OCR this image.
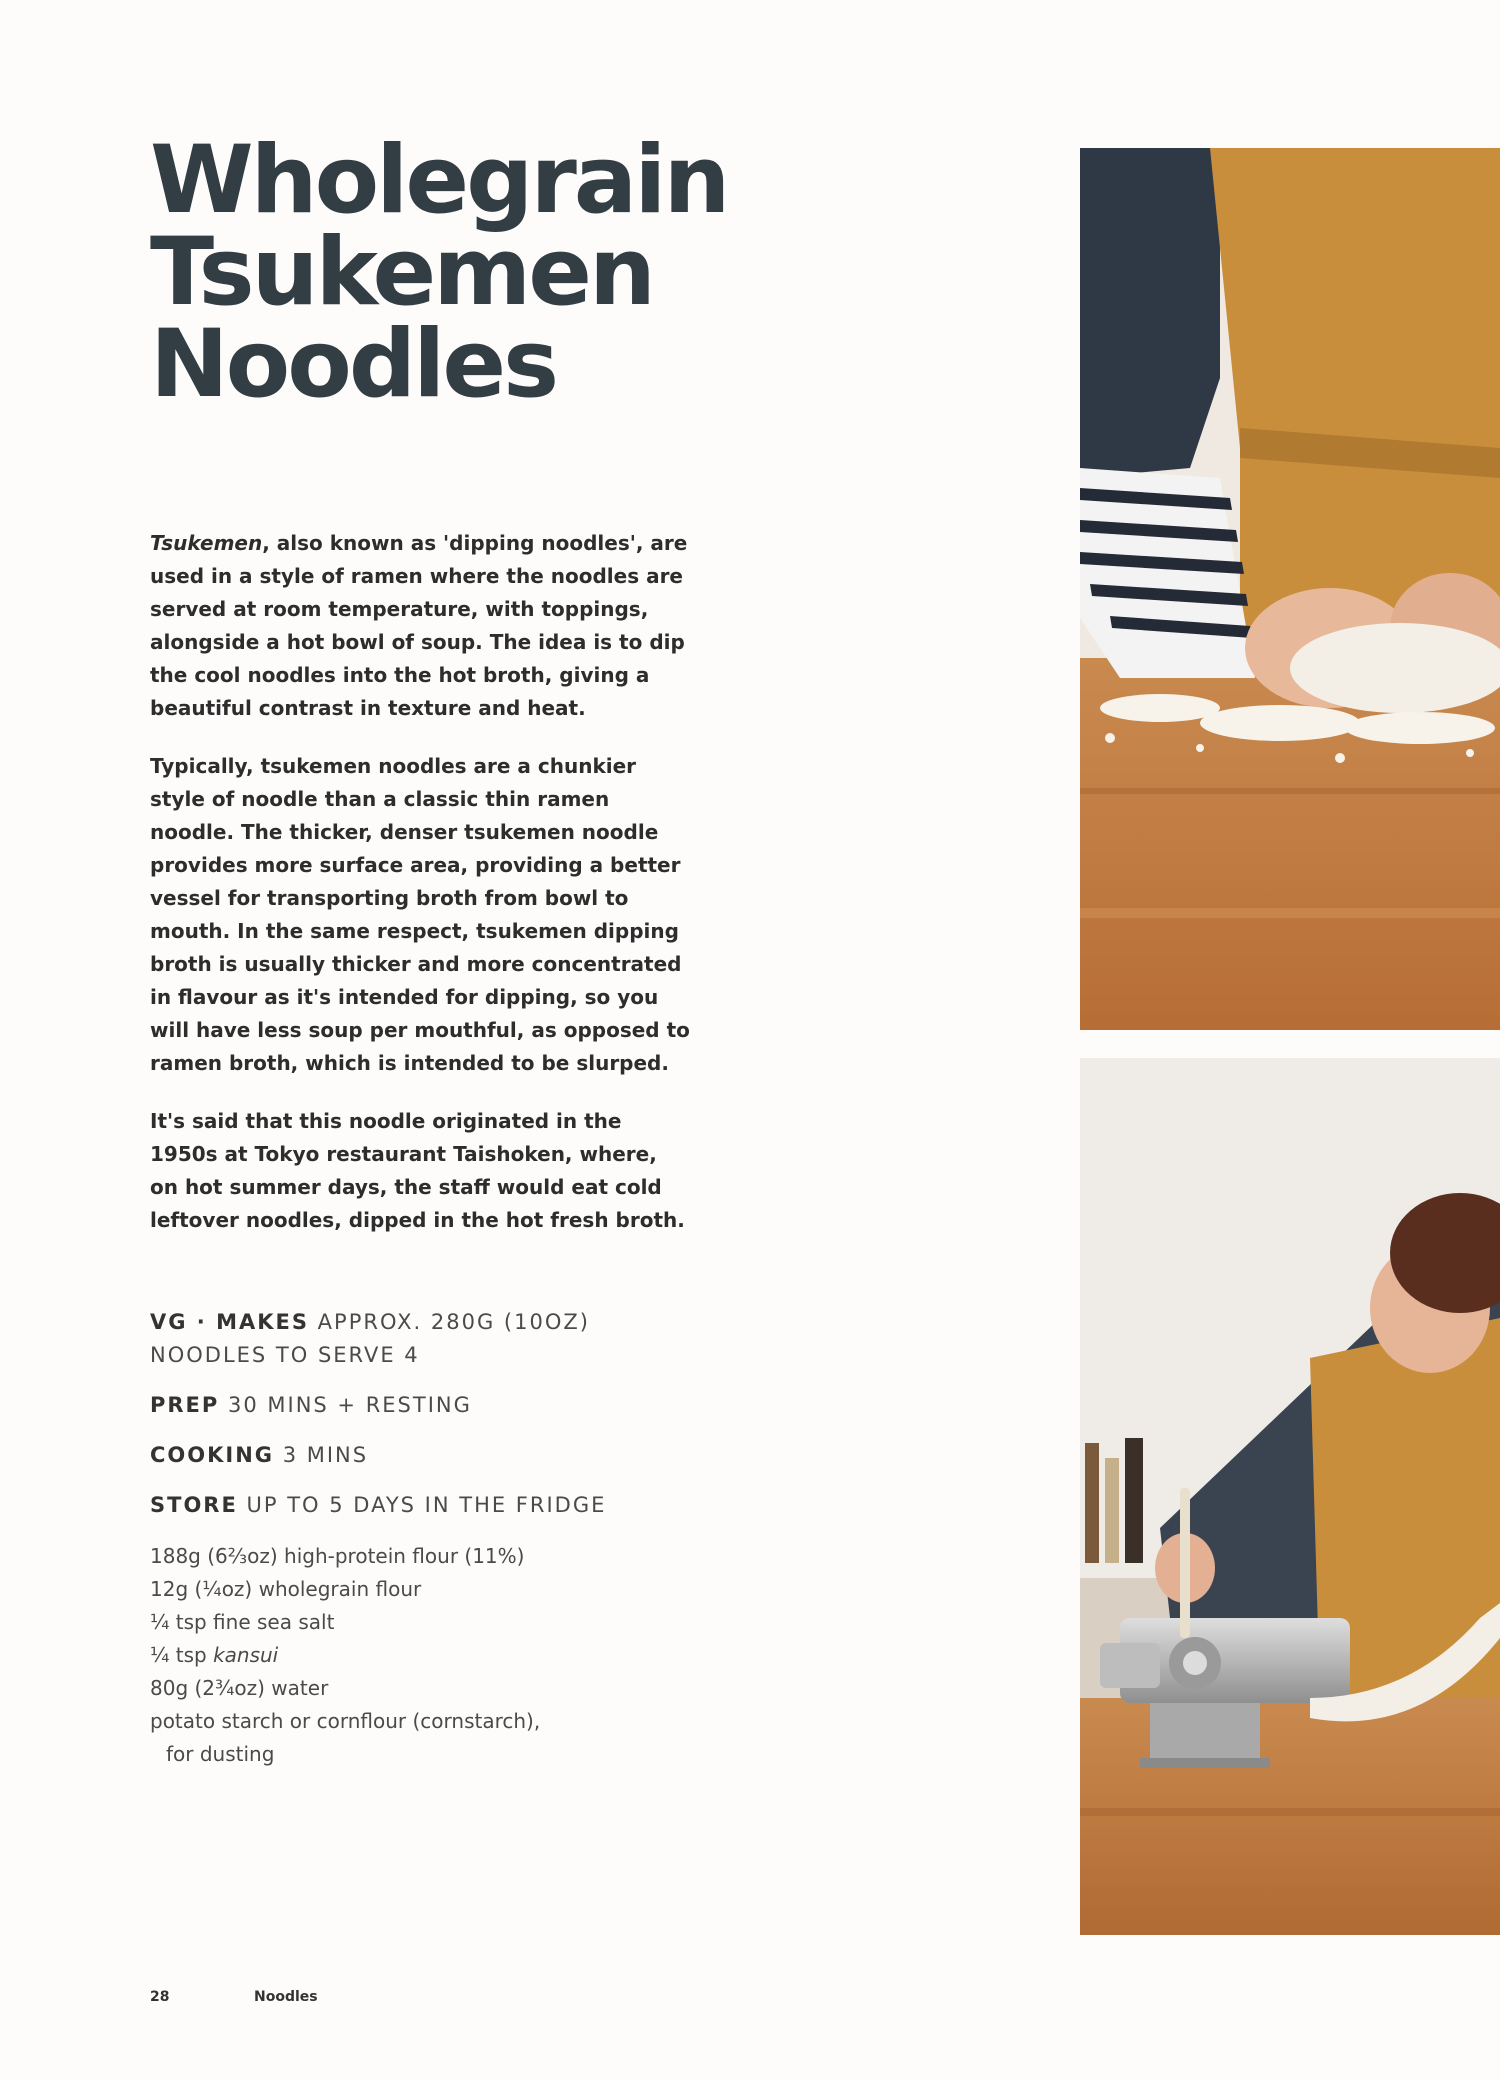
Wholegrain
Tsukemen
Noodles

Tsukemen, also known as 'dipping noodles', are used in a style of ramen where the noodles are served at room temperature, with toppings, alongside a hot bowl of soup. The idea is to dip the cool noodles into the hot broth, giving a beautiful contrast in texture and heat.

Typically, tsukemen noodles are a chunkier style of noodle than a classic thin ramen noodle. The thicker, denser tsukemen noodle provides more surface area, providing a better vessel for transporting broth from bowl to mouth. In the same respect, tsukemen dipping broth is usually thicker and more concentrated in flavour as it's intended for dipping, so you will have less soup per mouthful, as opposed to ramen broth, which is intended to be slurped.

It's said that this noodle originated in the 1950s at Tokyo restaurant Taishoken, where, on hot summer days, the staff would eat cold leftover noodles, dipped in the hot fresh broth.

VG · MAKES APPROX. 280G (10OZ) NOODLES TO SERVE 4
PREP 30 MINS + RESTING
COOKING 3 MINS
STORE UP TO 5 DAYS IN THE FRIDGE
188g (6⅔oz) high-protein flour (11%)
12g (¼oz) wholegrain flour
¼ tsp fine sea salt
¼ tsp kansui
80g (2¾oz) water
potato starch or cornflour (cornstarch),
for dusting
28	Noodles
